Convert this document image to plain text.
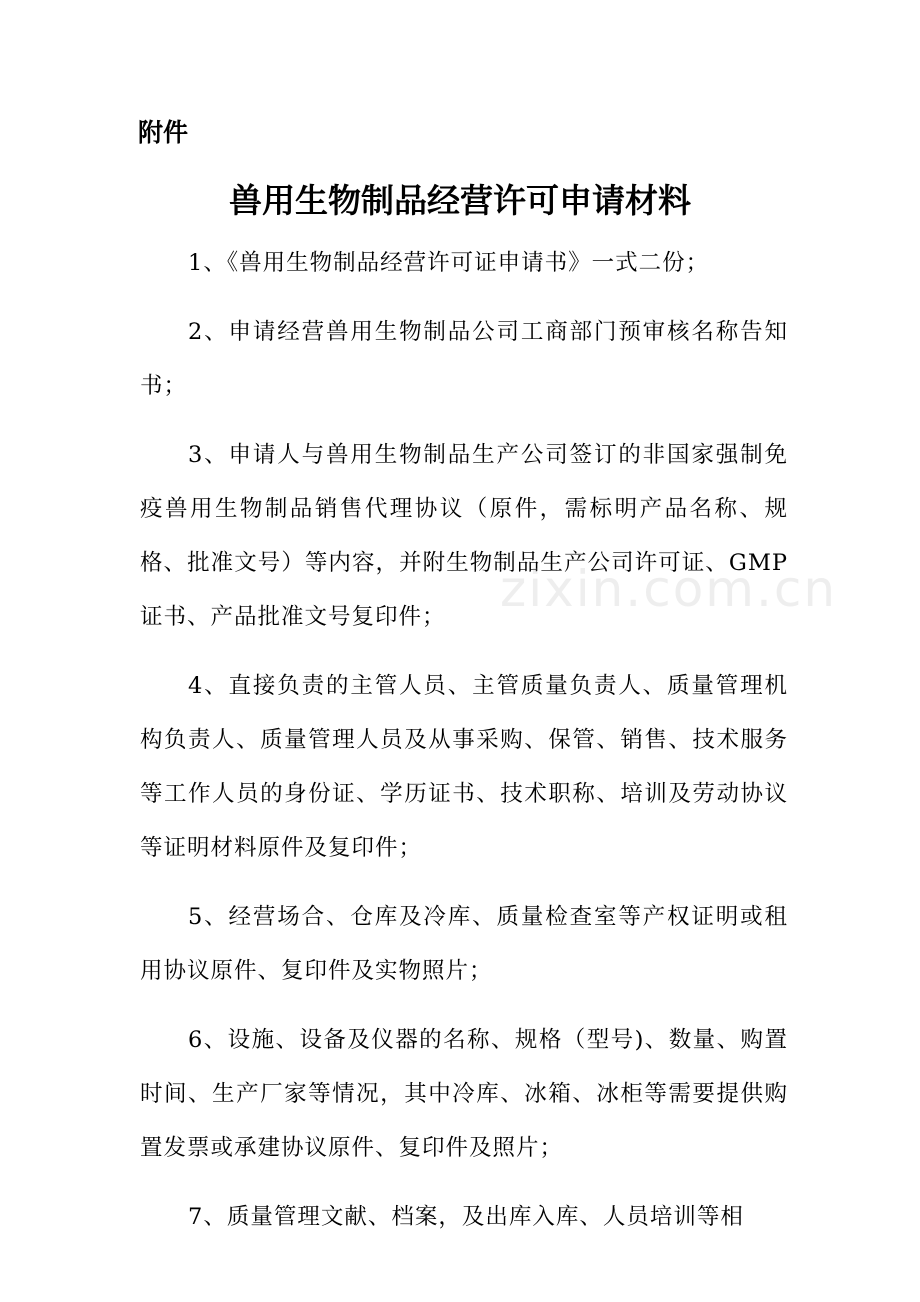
附件

兽用生物制品经营许可申请材料

1、《兽用生物制品经营许可证申请书》一式二份；

2、申请经营兽用生物制品公司工商部门预审核名称告知书；

3、申请人与兽用生物制品生产公司签订的非国家强制免疫兽用生物制品销售代理协议（原件，需标明产品名称、规格、批准文号）等内容，并附生物制品生产公司许可证、GMP证书、产品批准文号复印件；

4、直接负责的主管人员、主管质量负责人、质量管理机构负责人、质量管理人员及从事采购、保管、销售、技术服务等工作人员的身份证、学历证书、技术职称、培训及劳动协议等证明材料原件及复印件；

5、经营场合、仓库及冷库、质量检查室等产权证明或租用协议原件、复印件及实物照片；

6、设施、设备及仪器的名称、规格（型号)、数量、购置时间、生产厂家等情况，其中冷库、冰箱、冰柜等需要提供购置发票或承建协议原件、复印件及照片；

7、质量管理文献、档案，及出库入库、人员培训等相

zixin.com.cn
